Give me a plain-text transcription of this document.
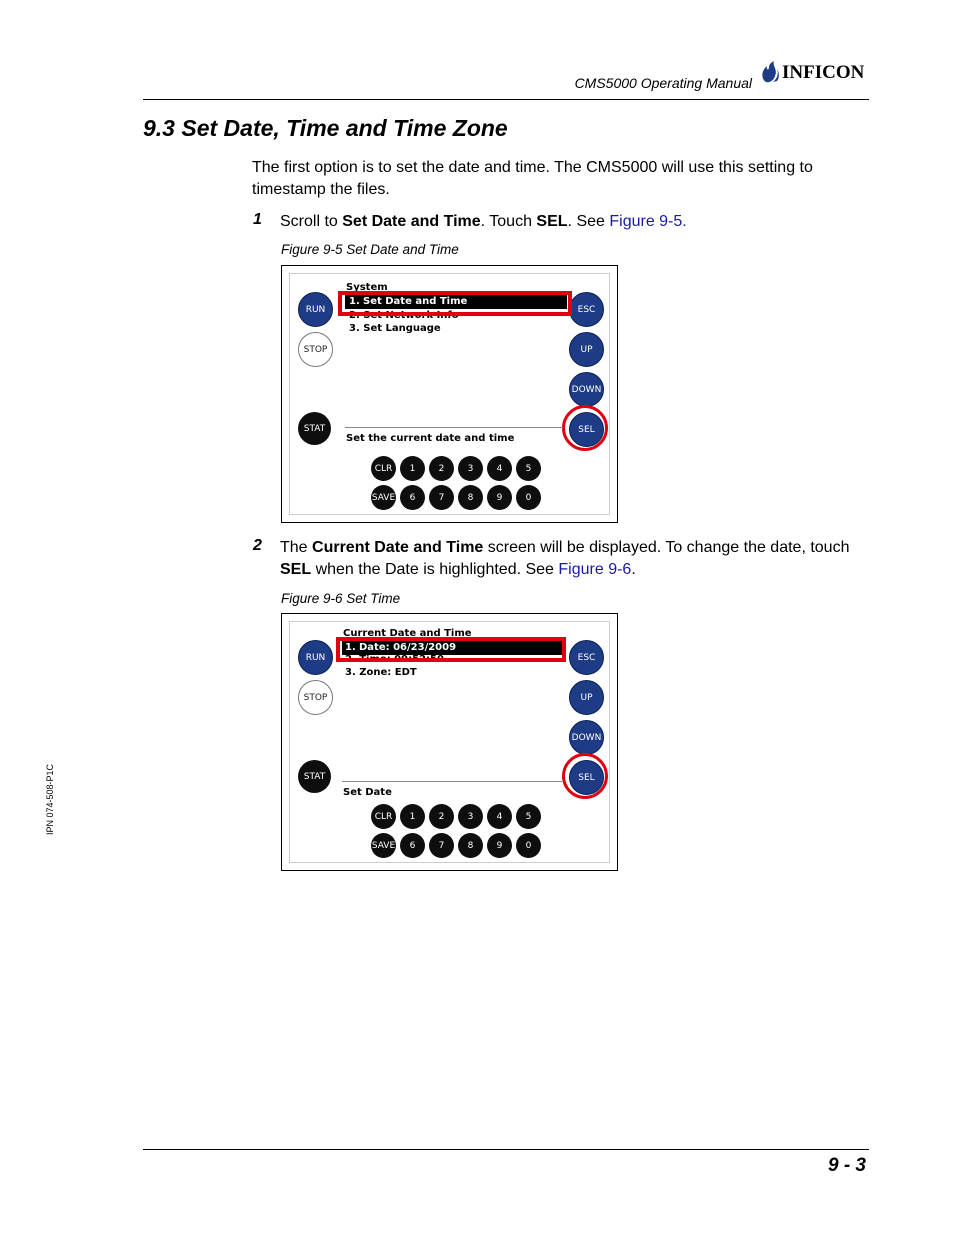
CMS5000 Operating Manual INFICON
9.3 Set Date, Time and Time Zone
The first option is to set the date and time. The CMS5000 will use this setting to timestamp the files.
1 Scroll to Set Date and Time. Touch SEL. See Figure 9-5.
Figure 9-5 Set Date and Time
RUN
STOP
STAT
ESC
UP
DOWN
SEL
System
1. Set Date and Time
2. Set Network Info
3. Set Language
Set the current date and time
CLR	1	2	3	4	5
SAVE	6	7	8	9	0
2 The Current Date and Time screen will be displayed. To change the date, touch SEL when the Date is highlighted. See Figure 9-6.
Figure 9-6 Set Time
RUN
STOP
STAT
ESC
UP
DOWN
SEL
Current Date and Time
1. Date: 06/23/2009
2. Time: 09:52:50
3. Zone: EDT
Set Date
CLR	1	2	3	4	5
SAVE	6	7	8	9	0
IPN 074-508-P1C
9 - 3
